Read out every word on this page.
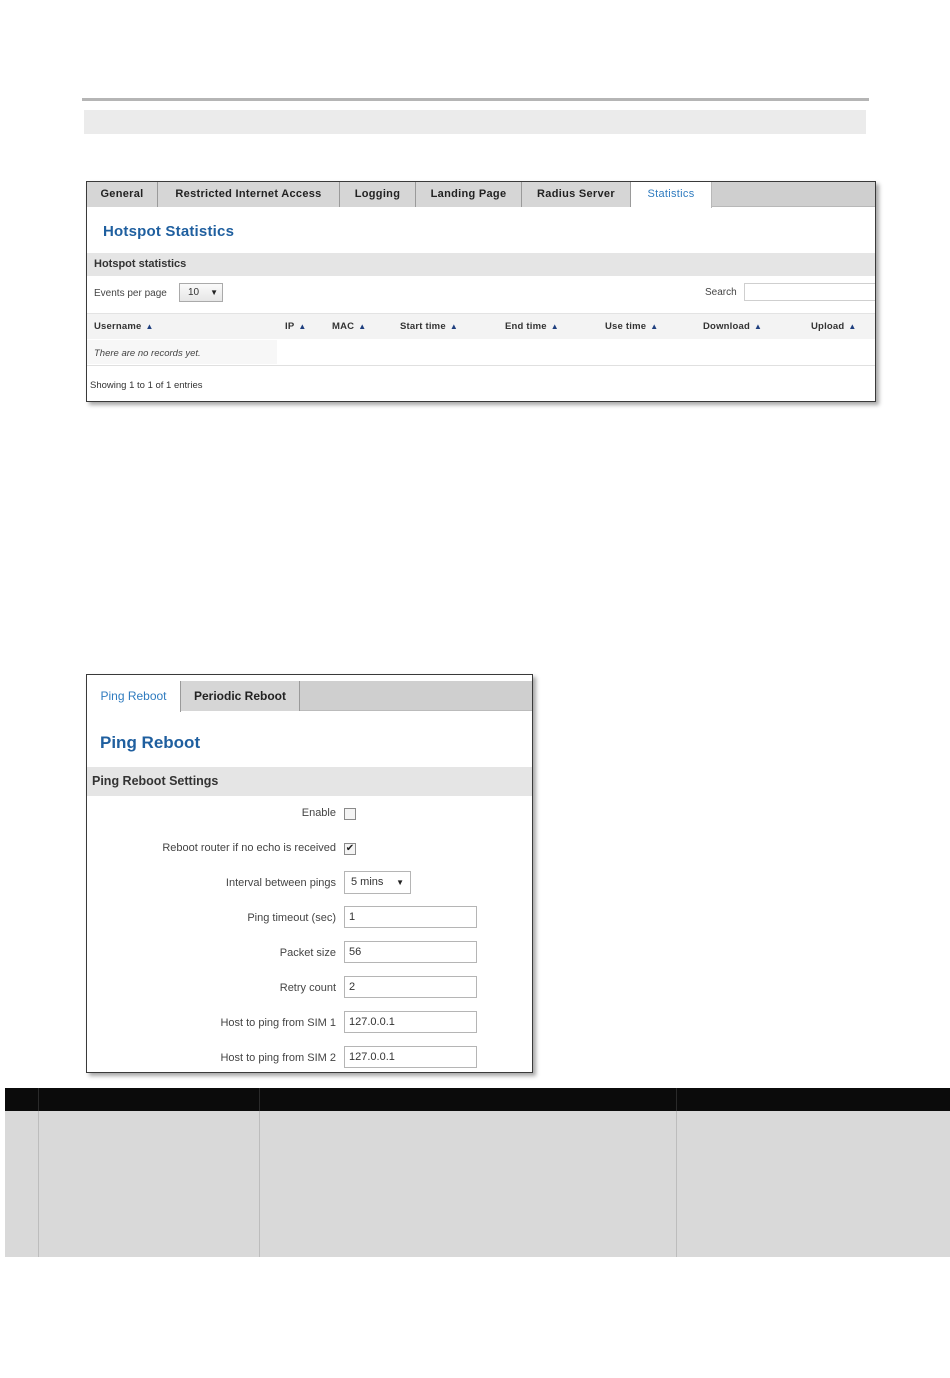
General	Restricted Internet Access	Logging	Landing Page	Radius Server	Statistics
Hotspot Statistics
Hotspot statistics
Events per page	10 ▼	Search
Username ▲	IP ▲	MAC ▲	Start time ▲	End time ▲	Use time ▲	Download ▲	Upload ▲
There are no records yet.
Showing 1 to 1 of 1 entries
Ping Reboot	Periodic Reboot
Ping Reboot
Ping Reboot Settings
Enable
Reboot router if no echo is received ✔
Interval between pings	5 mins ▼
Ping timeout (sec)	1
Packet size	56
Retry count	2
Host to ping from SIM 1	127.0.0.1
Host to ping from SIM 2	127.0.0.1
